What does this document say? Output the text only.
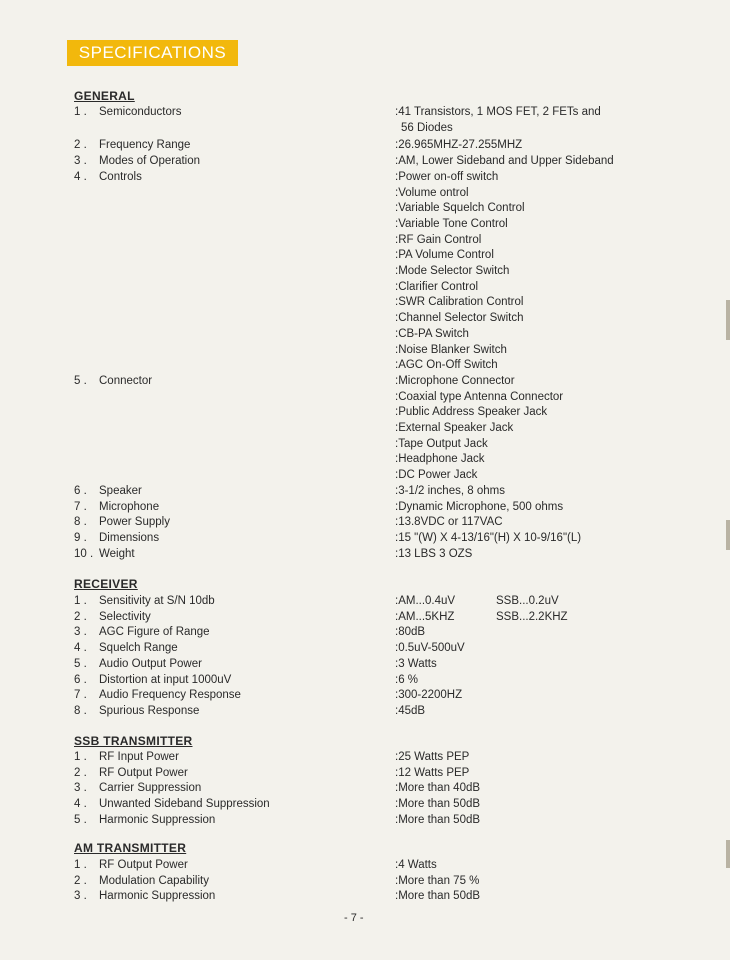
SPECIFICATIONS
GENERAL
1 .	Semiconductors	:41 Transistors, 1 MOS FET, 2 FETs and
56 Diodes
2 .	Frequency Range	:26.965MHZ-27.255MHZ
3 .	Modes of Operation	:AM, Lower Sideband and Upper Sideband
4 .	Controls	:Power on-off switch
:Volume ontrol
:Variable Squelch Control
:Variable Tone Control
:RF Gain Control
:PA Volume Control
:Mode Selector Switch
:Clarifier Control
:SWR Calibration Control
:Channel Selector Switch
:CB-PA Switch
:Noise Blanker Switch
:AGC On-Off Switch
5 .	Connector	:Microphone Connector
:Coaxial type Antenna Connector
:Public Address Speaker Jack
:External Speaker Jack
:Tape Output Jack
:Headphone Jack
:DC Power Jack
6 .	Speaker	:3-1/2 inches, 8 ohms
7 .	Microphone	:Dynamic Microphone, 500 ohms
8 .	Power Supply	:13.8VDC or 117VAC
9 .	Dimensions	:15 "(W) X 4-13/16"(H) X 10-9/16"(L)
10 . Weight	:13 LBS 3 OZS
RECEIVER
1 .	Sensitivity at S/N 10db	:AM...0.4uV	SSB...0.2uV
2 .	Selectivity	:AM...5KHZ	SSB...2.2KHZ
3 .	AGC Figure of Range	:80dB
4 .	Squelch Range	:0.5uV-500uV
5 .	Audio Output Power	:3 Watts
6 .	Distortion at input 1000uV	:6 %
7 .	Audio Frequency Response	:300-2200HZ
8 .	Spurious Response	:45dB
SSB TRANSMITTER
1 .	RF Input Power	:25 Watts PEP
2 .	RF Output Power	:12 Watts PEP
3 .	Carrier Suppression	:More than 40dB
4 .	Unwanted Sideband Suppression	:More than 50dB
5 .	Harmonic Suppression	:More than 50dB
AM TRANSMITTER
1 .	RF Output Power	:4 Watts
2 .	Modulation Capability	:More than 75 %
3 .	Harmonic Suppression	:More than 50dB
- 7 -
